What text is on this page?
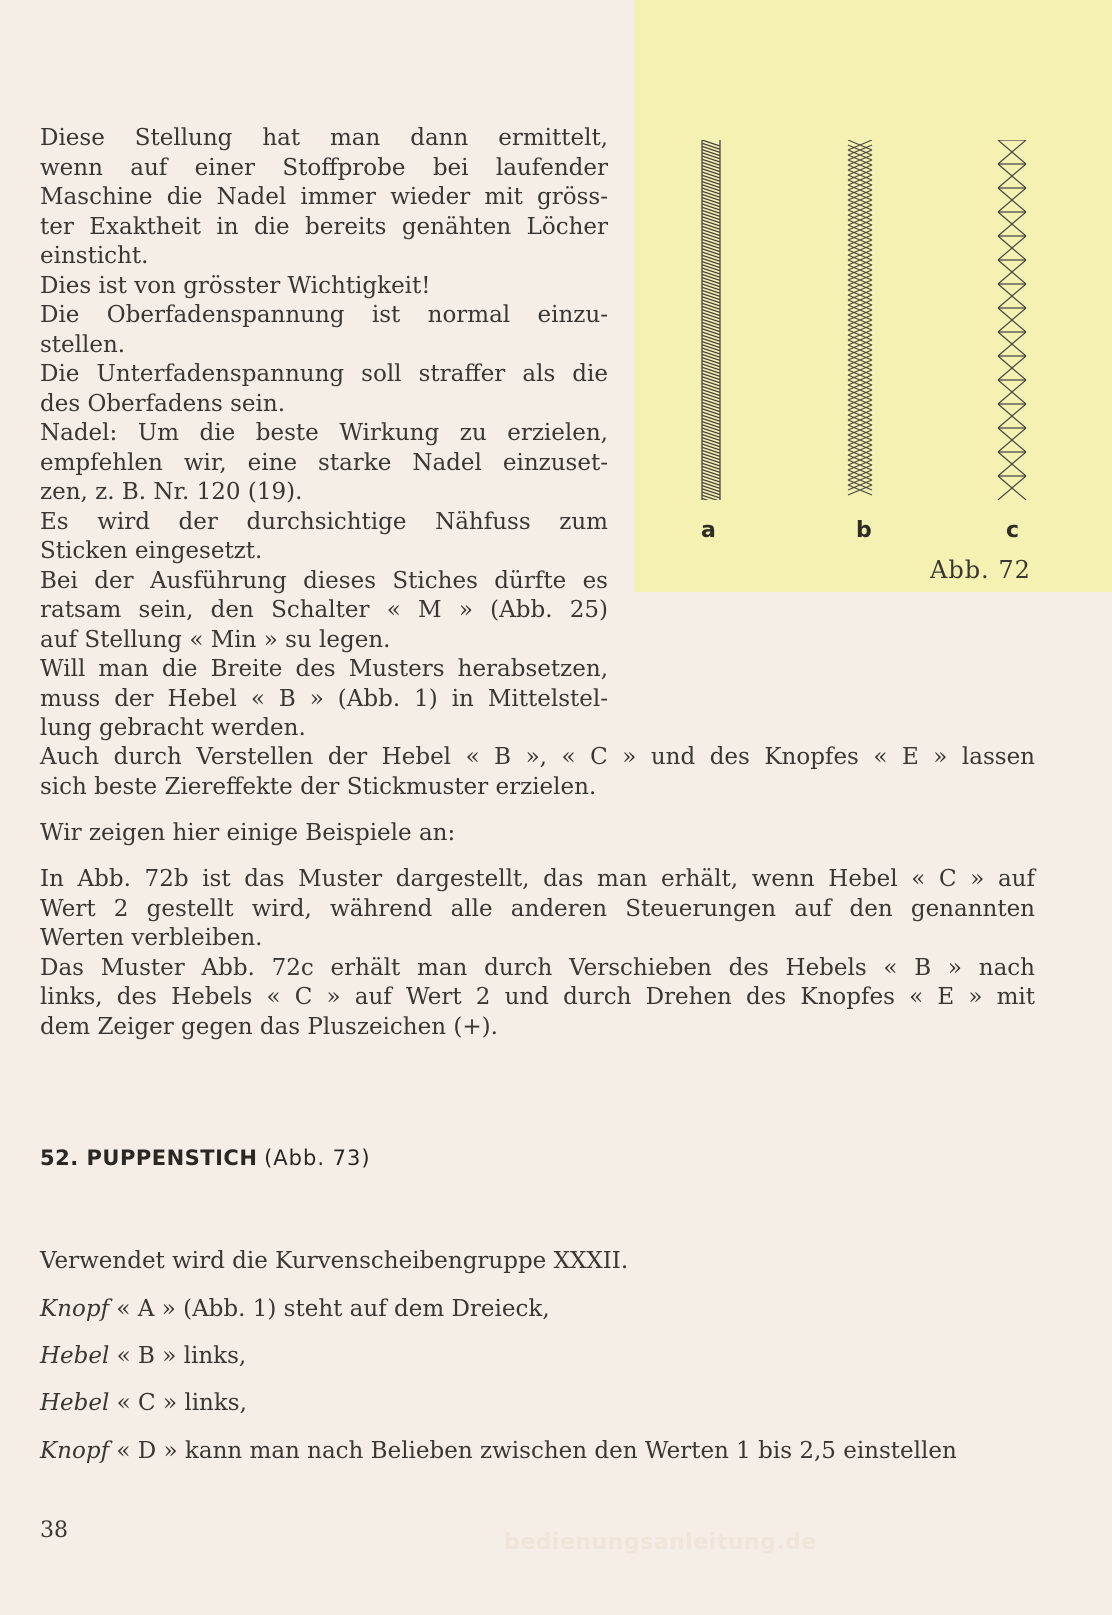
a	b	c
Abb. 72

Diese Stellung hat man dann ermittelt,
wenn auf einer Stoffprobe bei laufender
Maschine die Nadel immer wieder mit gröss-
ter Exaktheit in die bereits genähten Löcher
einsticht.
Dies ist von grösster Wichtigkeit!
Die Oberfadenspannung ist normal einzu-
stellen.
Die Unterfadenspannung soll straffer als die
des Oberfadens sein.
Nadel: Um die beste Wirkung zu erzielen,
empfehlen wir, eine starke Nadel einzuset-
zen, z. B. Nr. 120 (19).
Es wird der durchsichtige Nähfuss zum
Sticken eingesetzt.
Bei der Ausführung dieses Stiches dürfte es
ratsam sein, den Schalter « M » (Abb. 25)
auf Stellung « Min » su legen.
Will man die Breite des Musters herabsetzen,
muss der Hebel « B » (Abb. 1) in Mittelstel-
lung gebracht werden.

Auch durch Verstellen der Hebel « B », « C » und des Knopfes « E » lassen
sich beste Ziereffekte der Stickmuster erzielen.

Wir zeigen hier einige Beispiele an:

In Abb. 72b ist das Muster dargestellt, das man erhält, wenn Hebel « C » auf
Wert 2 gestellt wird, während alle anderen Steuerungen auf den genannten
Werten verbleiben.
Das Muster Abb. 72c erhält man durch Verschieben des Hebels « B » nach
links, des Hebels « C » auf Wert 2 und durch Drehen des Knopfes « E » mit
dem Zeiger gegen das Pluszeichen (+).

52. PUPPENSTICH (Abb. 73)
Verwendet wird die Kurvenscheibengruppe XXXII.
Knopf « A » (Abb. 1) steht auf dem Dreieck,
Hebel « B » links,
Hebel « C » links,
Knopf « D » kann man nach Belieben zwischen den Werten 1 bis 2,5 einstellen
38	bedienungsanleitung.de
